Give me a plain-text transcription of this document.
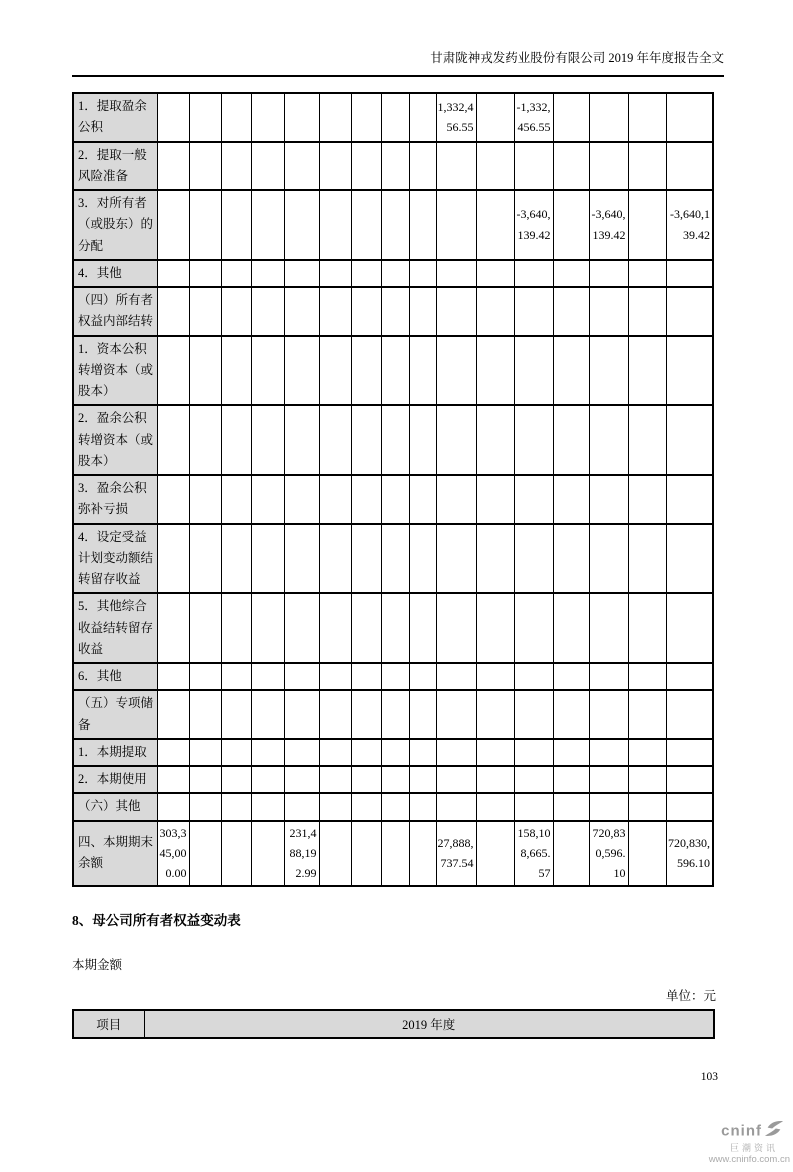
甘肃陇神戎发药业股份有限公司 2019 年年度报告全文
1．提取盈余公积										1,332,456.55		-1,332,456.55				
2．提取一般风险准备																
3．对所有者（或股东）的分配												-3,640,139.42		-3,640,139.42		-3,640,139.42
4．其他																
（四）所有者权益内部结转																
1．资本公积转增资本（或股本）																
2．盈余公积转增资本（或股本）																
3．盈余公积弥补亏损																
4．设定受益计划变动额结转留存收益																
5．其他综合收益结转留存收益																
6．其他																
（五）专项储备																
1．本期提取																
2．本期使用																
（六）其他																
四、本期期末余额	303,345,000.00				231,488,192.99					27,888,737.54		158,108,665.57		720,830,596.10		720,830,596.10
8、母公司所有者权益变动表
本期金额
单位：元
项目	2019 年度
103
cninf
巨潮资讯
www.cninfo.com.cn
